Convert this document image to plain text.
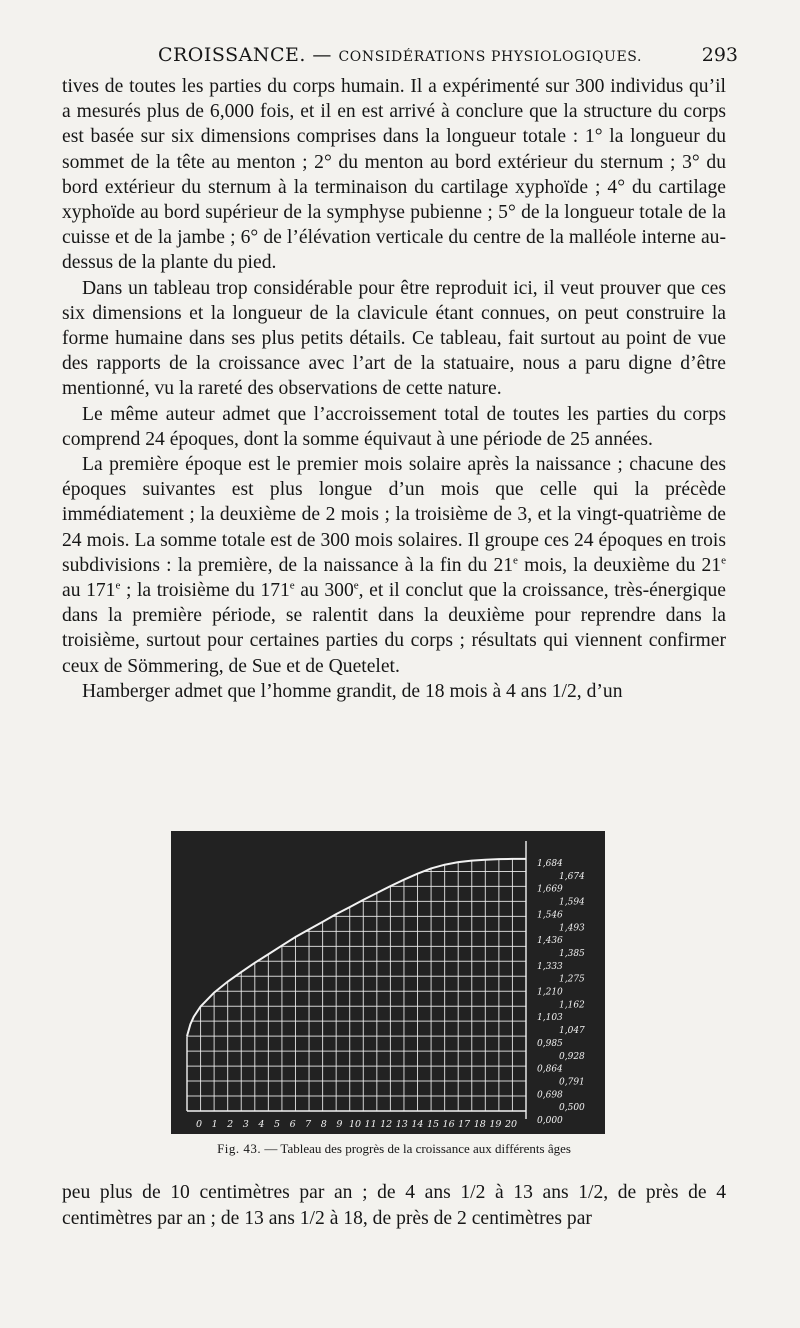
CROISSANCE. — CONSIDÉRATIONS PHYSIOLOGIQUES.	293

tives de toutes les parties du corps humain. Il a expérimenté sur 300 individus qu’il a mesurés plus de 6,000 fois, et il en est arrivé à conclure que la structure du corps est basée sur six dimensions comprises dans la longueur totale : 1° la longueur du sommet de la tête au menton ; 2° du menton au bord extérieur du sternum ; 3° du bord extérieur du sternum à la terminaison du cartilage xyphoïde ; 4° du cartilage xyphoïde au bord supérieur de la symphyse pubienne ; 5° de la longueur totale de la cuisse et de la jambe ; 6° de l’élévation verticale du centre de la malléole interne au-dessus de la plante du pied.

Dans un tableau trop considérable pour être reproduit ici, il veut prouver que ces six dimensions et la longueur de la clavicule étant connues, on peut construire la forme humaine dans ses plus petits détails. Ce tableau, fait surtout au point de vue des rapports de la croissance avec l’art de la statuaire, nous a paru digne d’être mentionné, vu la rareté des observations de cette nature.

Le même auteur admet que l’accroissement total de toutes les parties du corps comprend 24 époques, dont la somme équivaut à une période de 25 années.

La première époque est le premier mois solaire après la naissance ; chacune des époques suivantes est plus longue d’un mois que celle qui la précède immédiatement ; la deuxième de 2 mois ; la troisième de 3, et la vingt-quatrième de 24 mois. La somme totale est de 300 mois solaires. Il groupe ces 24 époques en trois subdivisions : la première, de la naissance à la fin du 21e mois, la deuxième du 21e au 171e ; la troisième du 171e au 300e, et il conclut que la croissance, très-énergique dans la première période, se ralentit dans la deuxième pour reprendre dans la troisième, surtout pour certaines parties du corps ; résultats qui viennent confirmer ceux de Sömmering, de Sue et de Quetelet.

Hamberger admet que l’homme grandit, de 18 mois à 4 ans 1/2, d’un

0 1 2 3 4 5 6 7 8 9 10 11 12 13 14 15 16 17 18 19 20
1,684
1,674
1,669
1,594
1,546
1,493
1,436
1,385
1,333
1,275
1,210
1,162
1,103
1,047
0,985
0,928
0,864
0,791
0,698
0,500
0,000
Fig. 43. — Tableau des progrès de la croissance aux différents âges

peu plus de 10 centimètres par an ; de 4 ans 1/2 à 13 ans 1/2, de près de 4 centimètres par an ; de 13 ans 1/2 à 18, de près de 2 centimètres par
